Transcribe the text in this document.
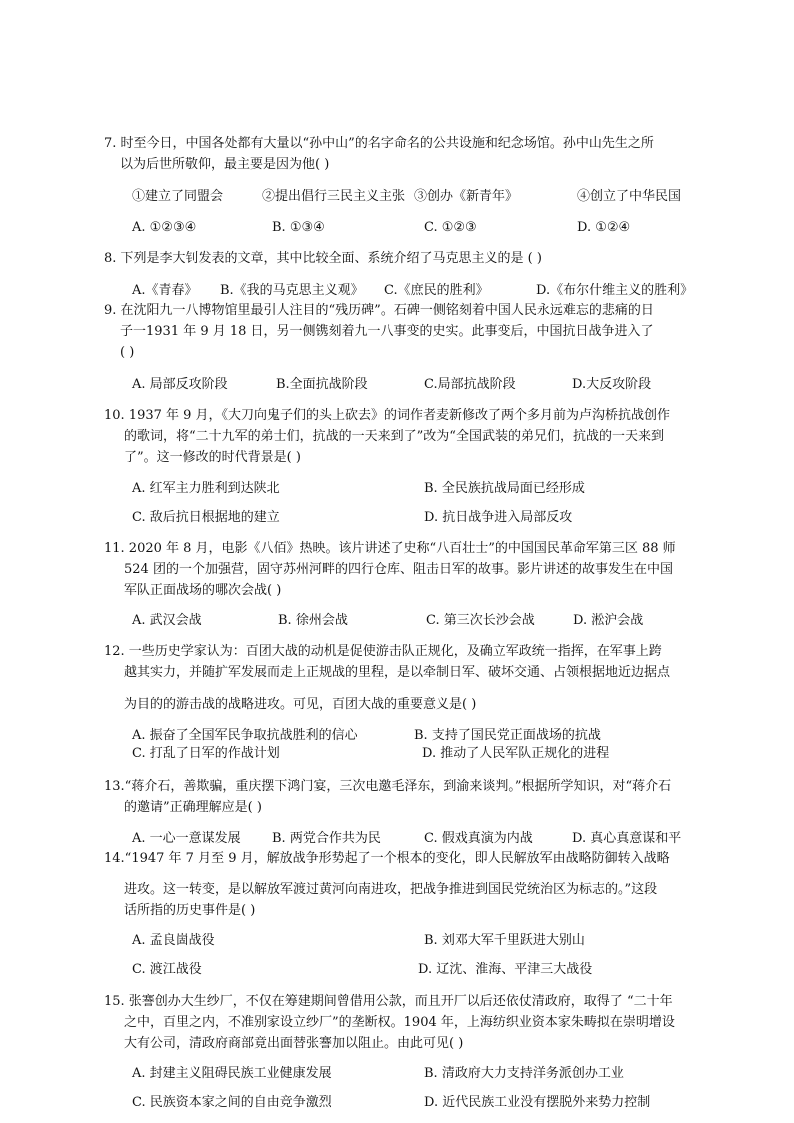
7. 时至今日，中国各处都有大量以“孙中山”的名字命名的公共设施和纪念场馆。孙中山先生之所
以为后世所敬仰，最主要是因为他( )
①建立了同盟会	②提出倡行三民主义主张 ③创办《新青年》	④创立了中华民国
A. ①②③④	B. ①③④	C. ①②③	D. ①②④
8. 下列是李大钊发表的文章，其中比较全面、系统介绍了马克思主义的是 ( )
A.《青春》 B.《我的马克思主义观》 C.《庶民的胜利》	D.《布尔什维主义的胜利》
9. 在沈阳九一八博物馆里最引人注目的“残历碑”。石碑一侧铭刻着中国人民永远难忘的悲痛的日
子一1931 年 9 月 18 日，另一侧镌刻着九一八事变的史实。此事变后，中国抗日战争进入了
( )
A. 局部反攻阶段	B.全面抗战阶段	C.局部抗战阶段	D.大反攻阶段
10. 1937 年 9 月，《大刀向鬼子们的头上砍去》的词作者麦新修改了两个多月前为卢沟桥抗战创作
的歌词，将“二十九军的弟士们，抗战的一天来到了”改为“全国武装的弟兄们，抗战的一天来到
了”。这一修改的时代背景是( )
A. 红军主力胜利到达陕北	B. 全民族抗战局面已经形成
C. 敌后抗日根据地的建立	D. 抗日战争进入局部反攻
11. 2020 年 8 月，电影《八佰》热映。该片讲述了史称“八百壮士”的中国国民革命军第三区 88 师
524 团的一个加强营，固守苏州河畔的四行仓库、阻击日军的故事。影片讲述的故事发生在中国
军队正面战场的哪次会战( )
A. 武汉会战	B. 徐州会战	C. 第三次长沙会战	D. 淞沪会战
12. 一些历史学家认为：百团大战的动机是促使游击队正规化，及确立军政统一指挥，在军事上跨
越其实力，并随扩军发展而走上正规战的里程，是以牵制日军、破坏交通、占领根据地近边据点
为目的的游击战的战略进攻。可见，百团大战的重要意义是( )
A. 振奋了全国军民争取抗战胜利的信心	B. 支持了国民党正面战场的抗战
C. 打乱了日军的作战计划	D. 推动了人民军队正规化的进程
13.“蒋介石，善欺骗，重庆摆下鸿门宴，三次电邀毛泽东，到渝来谈判。”根据所学知识，对“蒋介石
的邀请”正确理解应是( )
A. 一心一意谋发展 B. 两党合作共为民	C. 假戏真演为内战	D. 真心真意谋和平
14.“1947 年 7 月至 9 月，解放战争形势起了一个根本的变化，即人民解放军由战略防御转入战略
进攻。这一转变，是以解放军渡过黄河向南进攻，把战争推进到国民党统治区为标志的。”这段
话所指的历史事件是( )
A. 孟良崮战役	B. 刘邓大军千里跃进大别山
C. 渡江战役	D. 辽沈、淮海、平津三大战役
15. 张謇创办大生纱厂，不仅在筹建期间曾借用公款，而且开厂以后还依仗清政府，取得了 “二十年
之中，百里之内，不准别家设立纱厂”的垄断权。1904 年，上海纺织业资本家朱畴拟在崇明增设
大有公司，清政府商部竟出面替张謇加以阻止。由此可见( )
A. 封建主义阻碍民族工业健康发展	B. 清政府大力支持洋务派创办工业
C. 民族资本家之间的自由竞争激烈	D. 近代民族工业没有摆脱外来势力控制
